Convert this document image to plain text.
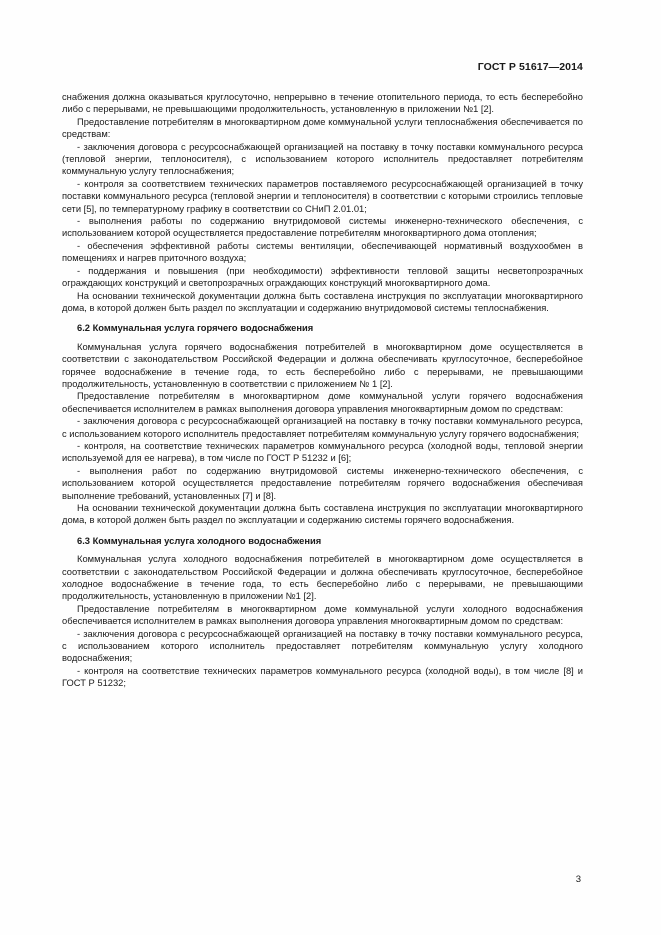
ГОСТ Р 51617—2014

снабжения должна оказываться круглосуточно, непрерывно в течение отопительного периода, то есть бесперебойно либо с перерывами, не превышающими продолжительность, установленную в приложении №1 [2].

Предоставление потребителям в многоквартирном доме коммунальной услуги теплоснабжения обеспечивается по средствам:

- заключения договора с ресурсоснабжающей организацией на поставку в точку поставки коммунального ресурса (тепловой энергии, теплоносителя), с использованием которого исполнитель предоставляет потребителям коммунальную услугу теплоснабжения;

- контроля за соответствием технических параметров поставляемого ресурсоснабжающей организацией в точку поставки коммунального ресурса (тепловой энергии и теплоносителя) в соответствии с которыми строились тепловые сети [5], по температурному графику в соответствии со СНиП 2.01.01;

- выполнения работы по содержанию внутридомовой системы инженерно-технического обеспечения, с использованием которой осуществляется предоставление потребителям многоквартирного дома отопления;

- обеспечения эффективной работы системы вентиляции, обеспечивающей нормативный воздухообмен в помещениях и нагрев приточного воздуха;

- поддержания и повышения (при необходимости) эффективности тепловой защиты несветопрозрачных ограждающих конструкций и светопрозрачных ограждающих конструкций многоквартирного дома.

На основании технической документации должна быть составлена инструкция по эксплуатации многоквартирного дома, в которой должен быть раздел по эксплуатации и содержанию внутридомовой системы теплоснабжения.

6.2 Коммунальная услуга горячего водоснабжения

Коммунальная услуга горячего водоснабжения потребителей в многоквартирном доме осуществляется в соответствии с законодательством Российской Федерации и должна обеспечивать круглосуточное, бесперебойное горячее водоснабжение в течение года, то есть бесперебойно либо с перерывами, не превышающими продолжительность, установленную в соответствии с приложением № 1 [2].

Предоставление потребителям в многоквартирном доме коммунальной услуги горячего водоснабжения обеспечивается исполнителем в рамках выполнения договора управления многоквартирным домом по средствам:

- заключения договора с ресурсоснабжающей организацией на поставку в точку поставки коммунального ресурса, с использованием которого исполнитель предоставляет потребителям коммунальную услугу горячего водоснабжения;

- контроля, на соответствие технических параметров коммунального ресурса (холодной воды, тепловой энергии используемой для ее нагрева), в том числе по ГОСТ Р 51232 и [6];

- выполнения работ по содержанию внутридомовой системы инженерно-технического обеспечения, с использованием которой осуществляется предоставление потребителям горячего водоснабжения обеспечивая выполнение требований, установленных [7] и [8].

На основании технической документации должна быть составлена инструкция по эксплуатации многоквартирного дома, в которой должен быть раздел по эксплуатации и содержанию системы горячего водоснабжения.

6.3 Коммунальная услуга холодного водоснабжения

Коммунальная услуга холодного водоснабжения потребителей в многоквартирном доме осуществляется в соответствии с законодательством Российской Федерации и должна обеспечивать круглосуточное, бесперебойное холодное водоснабжение в течение года, то есть бесперебойно либо с перерывами, не превышающими продолжительность, установленную в приложении №1 [2].

Предоставление потребителям в многоквартирном доме коммунальной услуги холодного водоснабжения обеспечивается исполнителем в рамках выполнения договора управления многоквартирным домом по средствам:

- заключения договора с ресурсоснабжающей организацией на поставку в точку поставки коммунального ресурса, с использованием которого исполнитель предоставляет потребителям коммунальную услугу холодного водоснабжения;

- контроля на соответствие технических параметров коммунального ресурса (холодной воды), в том числе [8] и ГОСТ Р 51232;

3
